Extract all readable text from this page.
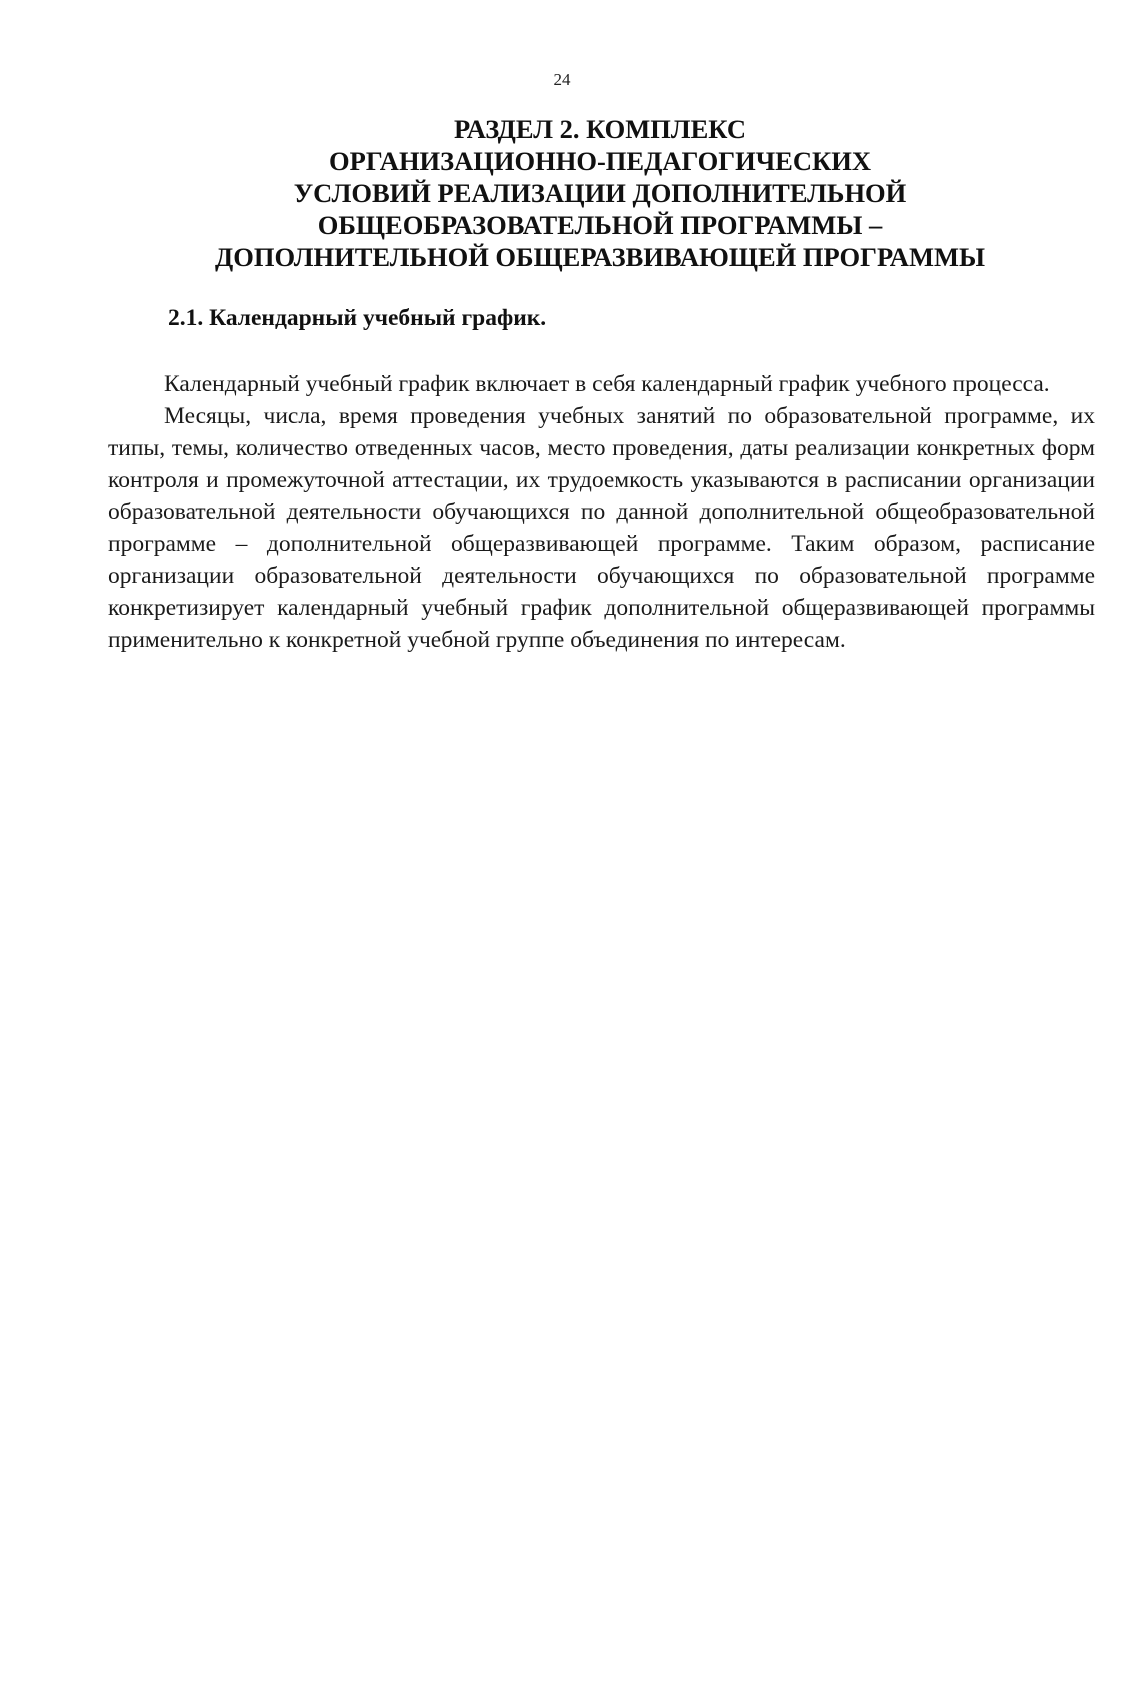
24
РАЗДЕЛ 2. КОМПЛЕКС
ОРГАНИЗАЦИОННО-ПЕДАГОГИЧЕСКИХ
УСЛОВИЙ РЕАЛИЗАЦИИ ДОПОЛНИТЕЛЬНОЙ
ОБЩЕОБРАЗОВАТЕЛЬНОЙ ПРОГРАММЫ –
ДОПОЛНИТЕЛЬНОЙ ОБЩЕРАЗВИВАЮЩЕЙ ПРОГРАММЫ
2.1. Календарный учебный график.

Календарный учебный график включает в себя календарный график учебного процесса.

Месяцы, числа, время проведения учебных занятий по образовательной программе, их типы, темы, количество отведенных часов, место проведения, даты реализации конкретных форм контроля и промежуточной аттестации, их трудоемкость указываются в расписании организации образовательной деятельности обучающихся по данной дополнительной общеобразовательной программе – дополнительной общеразвивающей программе. Таким образом, расписание организации образовательной деятельности обучающихся по образовательной программе конкретизирует календарный учебный график дополнительной общеразвивающей программы применительно к конкретной учебной группе объединения по интересам.
